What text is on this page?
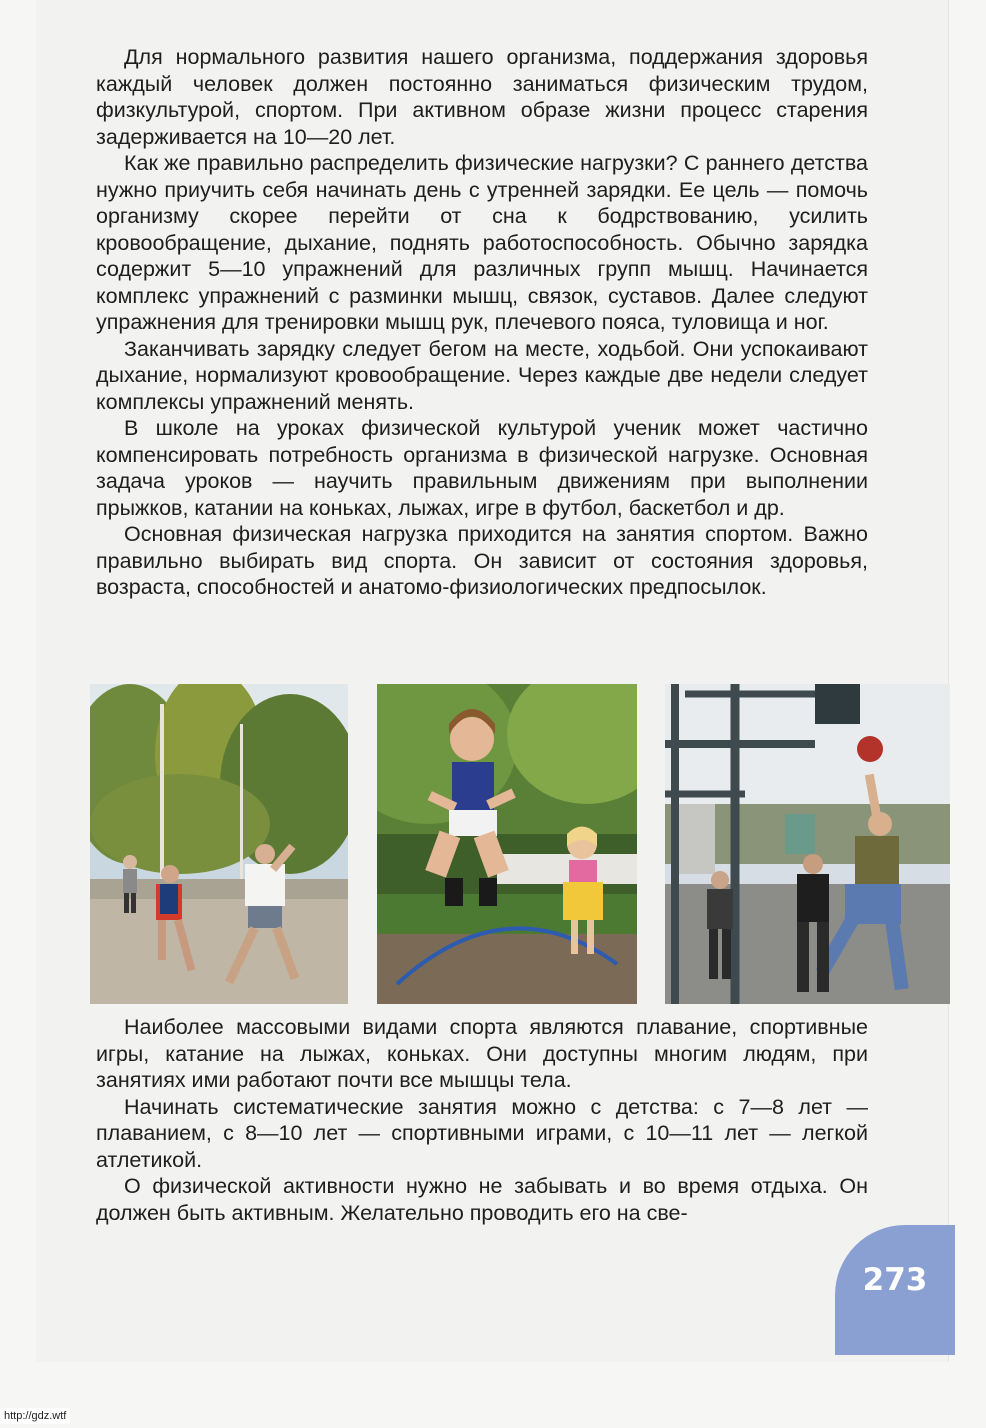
Для нормального развития нашего организма, поддержания здоровья каждый человек должен постоянно заниматься физическим трудом, физкультурой, спортом. При активном образе жизни процесс старения задерживается на 10—20 лет.

Как же правильно распределить физические нагрузки? С раннего детства нужно приучить себя начинать день с утренней зарядки. Ее цель — помочь организму скорее перейти от сна к бодрствованию, усилить кровообращение, дыхание, поднять работоспособность. Обычно зарядка содержит 5—10 упражнений для различных групп мышц. Начинается комплекс упражнений с разминки мышц, связок, суставов. Далее следуют упражнения для тренировки мышц рук, плечевого пояса, туловища и ног.

Заканчивать зарядку следует бегом на месте, ходьбой. Они успокаивают дыхание, нормализуют кровообращение. Через каждые две недели следует комплексы упражнений менять.

В школе на уроках физической культурой ученик может частично компенсировать потребность организма в физической нагрузке. Основная задача уроков — научить правильным движениям при выполнении прыжков, катании на коньках, лыжах, игре в футбол, баскетбол и др.

Основная физическая нагрузка приходится на занятия спортом. Важно правильно выбирать вид спорта. Он зависит от состояния здоровья, возраста, способностей и анатомо-физиологических предпосылок.

Наиболее массовыми видами спорта являются плавание, спортивные игры, катание на лыжах, коньках. Они доступны многим людям, при занятиях ими работают почти все мышцы тела.

Начинать систематические занятия можно с детства: с 7—8 лет — плаванием, с 8—10 лет — спортивными играми, с 10—11 лет — легкой атлетикой.

О физической активности нужно не забывать и во время отдыха. Он должен быть активным. Желательно проводить его на све-

273
http://gdz.wtf
